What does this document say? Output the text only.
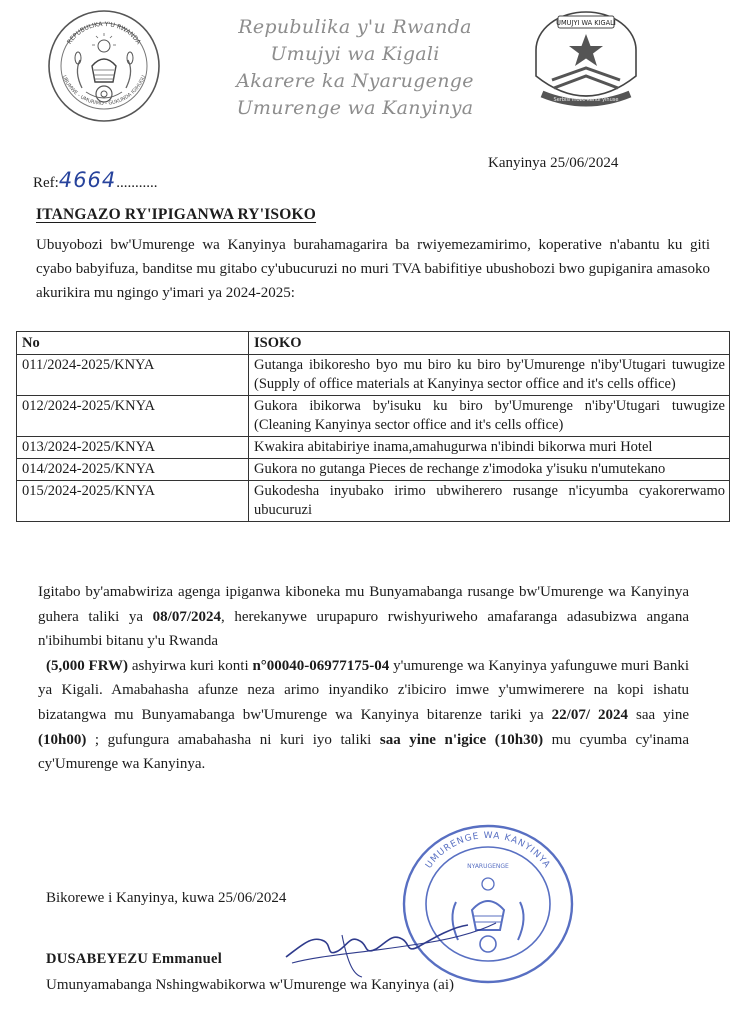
REPUBULIKA Y'U RWANDA
UBUMWE - UMURIMO - GUKUNDA IGIHUGU
Repubulika y'u Rwanda
Umujyi wa Kigali
Akarere ka Nyarugenge
Umurenge wa Kanyinya
UMUJYI WA KIGALI
Serbisi inoze kandi yihuse
Ref:4664...........
Kanyinya 25/06/2024
ITANGAZO RY'IPIGANWA RY'ISOKO
Ubuyobozi bw'Umurenge wa Kanyinya burahamagarira ba rwiyemezamirimo, koperative n'abantu ku giti cyabo babyifuza, banditse mu gitabo cy'ubucuruzi no muri TVA babifitiye ubushobozi bwo gupiganira amasoko akurikira mu ngingo y'imari ya 2024-2025:
No	ISOKO
011/2024-2025/KNYA	Gutanga ibikoresho byo mu biro ku biro by'Umurenge n'iby'Utugari tuwugize (Supply of office materials at Kanyinya sector office and it's cells office)
012/2024-2025/KNYA	Gukora ibikorwa by'isuku ku biro by'Umurenge n'iby'Utugari tuwugize (Cleaning Kanyinya sector office and it's cells office)
013/2024-2025/KNYA	Kwakira abitabiriye inama,amahugurwa n'ibindi bikorwa muri Hotel
014/2024-2025/KNYA	Gukora no gutanga Pieces de rechange z'imodoka y'isuku n'umutekano
015/2024-2025/KNYA	Gukodesha inyubako irimo ubwiherero rusange n'icyumba cyakorerwamo ubucuruzi
Igitabo by'amabwiriza agenga ipiganwa kiboneka mu Bunyamabanga rusange bw'Umurenge wa Kanyinya guhera taliki ya 08/07/2024, herekanywe urupapuro rwishyuriweho amafaranga adasubizwa angana n'ibihumbi bitanu y'u Rwanda
(5,000 FRW) ashyirwa kuri konti n°00040-06977175-04 y'umurenge wa Kanyinya yafunguwe muri Banki ya Kigali. Amabahasha afunze neza arimo inyandiko z'ibiciro imwe y'umwimerere na kopi ishatu bizatangwa mu Bunyamabanga bw'Umurenge wa Kanyinya bitarenze tariki ya 22/07/ 2024 saa yine (10h00) ; gufungura amabahasha ni kuri iyo taliki saa yine n'igice (10h30) mu cyumba cy'inama cy'Umurenge wa Kanyinya.
UMURENGE WA KANYINYA
NYARUGENGE
Bikorewe i Kanyinya, kuwa 25/06/2024
DUSABEYEZU Emmanuel
Umunyamabanga Nshingwabikorwa w'Umurenge wa Kanyinya (ai)
